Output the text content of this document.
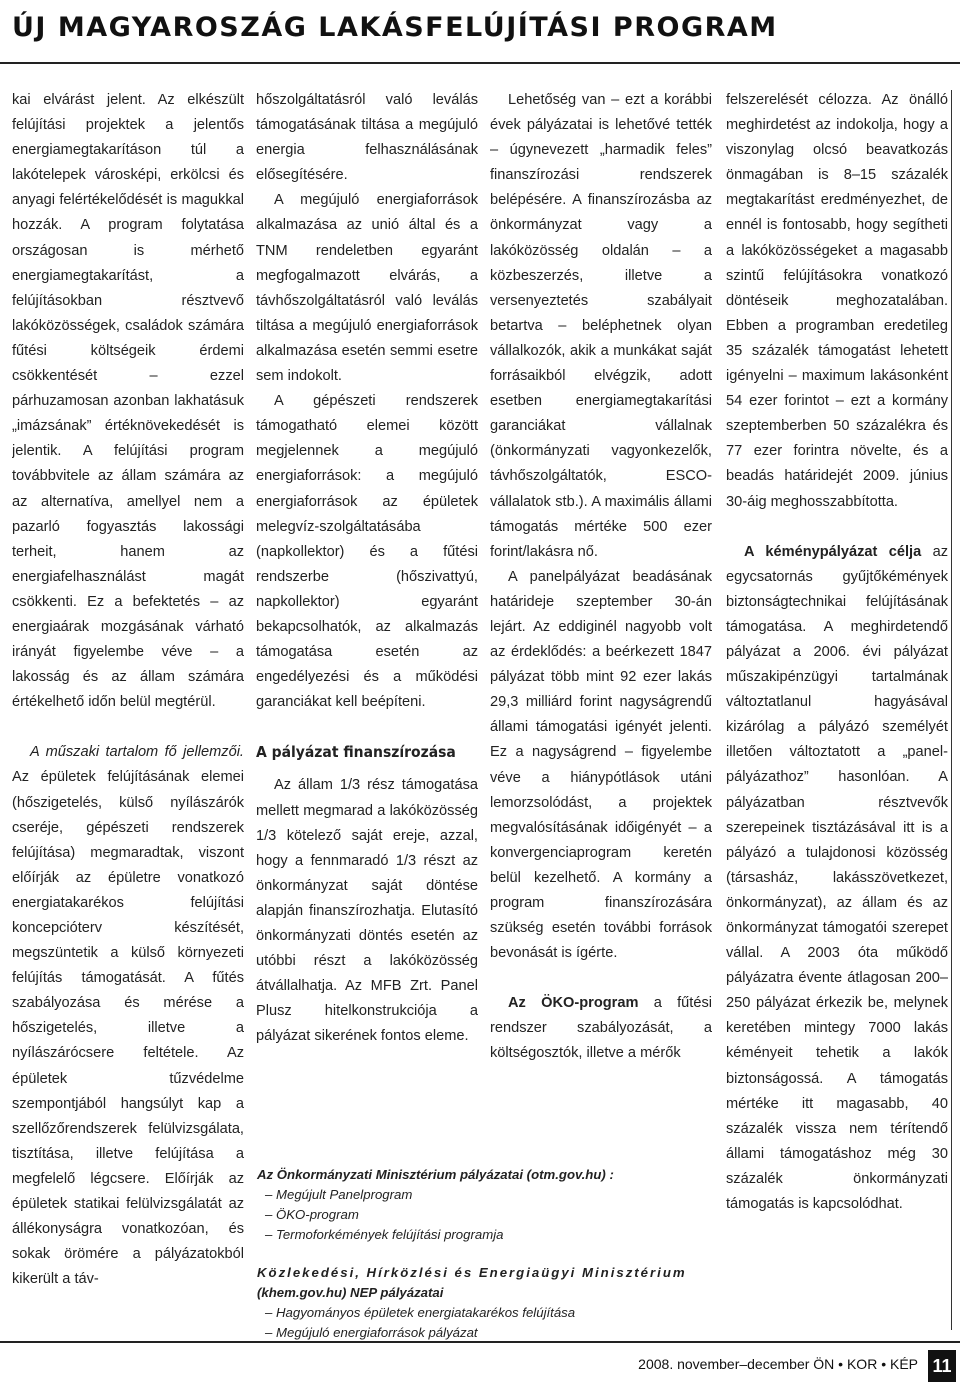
ÚJ MAGYAROSZÁG LAKÁSFELÚJÍTÁSI PROGRAM

kai elvárást jelent. Az elkészült felújítási projektek a jelentős energiamegtakarításon túl a lakótelepek városképi, erkölcsi és anyagi felértékelődését is magukkal hozzák. A program folytatása országosan is mérhető energiamegtakarítást, a felújításokban résztvevő lakóközösségek, családok számára fűtési költségeik érdemi csökkentését – ezzel párhuzamosan azonban lakhatásuk „imázsának” értéknövekedését is jelentik. A felújítási program továbbvitele az állam számára az az alternatíva, amellyel nem a pazarló fogyasztás lakossági terheit, hanem az energiafelhasználást magát csökkenti. Ez a befektetés – az energiaárak mozgásának várható irányát figyelembe véve – a lakosság és az állam számára értékelhető időn belül megtérül.

A műszaki tartalom fő jellemzői. Az épületek felújításának elemei (hőszigetelés, külső nyílászárók cseréje, gépészeti rendszerek felújítása) megmaradtak, viszont előírják az épületre vonatkozó energiatakarékos felújítási koncepcióterv készítését, megszüntetik a külső környezeti felújítás támogatását. A fűtés szabályozása és mérése a hőszigetelés, illetve a nyílászárócsere feltétele. Az épületek tűzvédelme szempontjából hangsúlyt kap a szellőzőrendszerek felülvizsgálata, tisztítása, illetve felújítása a megfelelő légcsere. Előírják az épületek statikai felülvizsgálatát az állékonyságra vonatkozóan, és sokak örömére a pályázatokból kikerült a táv-

hőszolgáltatásról való leválás támogatásának tiltása a megújuló energia felhasználásának elősegítésére.

A megújuló energiaforrások alkalmazása az unió által és a TNM rendeletben egyaránt megfogalmazott elvárás, a távhőszolgáltatásról való leválás tiltása a megújuló energiaforrások alkalmazása esetén semmi esetre sem indokolt.

A gépészeti rendszerek támogatható elemei között megjelennek a megújuló energiaforrások: a megújuló energiaforrások az épületek melegvíz-szolgáltatásába (napkollektor) és a fűtési rendszerbe (hőszivattyú, napkollektor) egyaránt bekapcsolhatók, az alkalmazás támogatása esetén az engedélyezési és a működési garanciákat kell beépíteni.

A pályázat finanszírozása

Az állam 1/3 rész támogatása mellett megmarad a lakóközösség 1/3 kötelező saját ereje, azzal, hogy a fennmaradó 1/3 részt az önkormányzat saját döntése alapján finanszírozhatja. Elutasító önkormányzati döntés esetén az utóbbi részt a lakóközösség átvállalhatja. Az MFB Zrt. Panel Plusz hitelkonstrukciója a pályázat sikerének fontos eleme.

Lehetőség van – ezt a korábbi évek pályázatai is lehetővé tették – úgynevezett „harmadik feles” finanszírozási rendszerek belépésére. A finanszírozásba az önkormányzat vagy a lakóközösség oldalán – a közbeszerzés, illetve a versenyeztetés szabályait betartva – beléphetnek olyan vállalkozók, akik a munkákat saját forrásaikból elvégzik, adott esetben energiamegtakarítási garanciákat vállalnak (önkormányzati vagyonkezelők, távhőszolgáltatók, ESCO-vállalatok stb.). A maximális állami támogatás mértéke 500 ezer forint/lakásra nő.

A panelpályázat beadásának határideje szeptember 30-án lejárt. Az eddiginél nagyobb volt az érdeklődés: a beérkezett 1847 pályázat több mint 92 ezer lakás 29,3 milliárd forint nagyságrendű állami támogatási igényét jelenti. Ez a nagyságrend – figyelembe véve a hiánypótlások utáni lemorzsolódást, a projektek megvalósításának időigényét – a konvergenciaprogram keretén belül kezelhető. A kormány a program finanszírozására szükség esetén további források bevonását is ígérte.

Az ÖKO-program a fűtési rendszer szabályozását, a költségosztók, illetve a mérők

felszerelését célozza. Az önálló meghirdetést az indokolja, hogy a viszonylag olcsó beavatkozás önmagában is 8–15 százalék megtakarítást eredményezhet, de ennél is fontosabb, hogy segítheti a lakóközösségeket a magasabb szintű felújításokra vonatkozó döntéseik meghozatalában. Ebben a programban eredetileg 35 százalék támogatást lehetett igényelni – maximum lakásonként 54 ezer forintot – ezt a kormány szeptemberben 50 százalékra és 77 ezer forintra növelte, és a beadás határidejét 2009. június 30-áig meghosszabbította.

A kéménypályázat célja az egycsatornás gyűjtőkémények biztonságtechnikai felújításának támogatása. A meghirdetendő pályázat a 2006. évi pályázat műszakipénzügyi tartalmának változtatlanul hagyásával kizárólag a pályázó személyét illetően változtatott a „panel-pályázathoz” hasonlóan. A pályázatban résztvevők szerepeinek tisztázásával itt is a pályázó a tulajdonosi közösség (társasház, lakásszövetkezet, önkormányzat), az állam és az önkormányzat támogatói szerepet vállal. A 2003 óta működő pályázatra évente átlagosan 200–250 pályázat érkezik be, melynek keretében mintegy 7000 lakás kéményeit tehetik a lakók biztonságossá. A támogatás mértéke itt magasabb, 40 százalék vissza nem térítendő állami támogatáshoz még 30 százalék önkormányzati támogatás is kapcsolódhat.

Az Önkormányzati Minisztérium pályázatai (otm.gov.hu) :
– Megújult Panelprogram
– ÖKO-program
– Termoforkémények felújítási programja
Közlekedési, Hírközlési és Energiaügyi Minisztérium
(khem.gov.hu) NEP pályázatai
– Hagyományos épületek energiatakarékos felújítása
– Megújuló energiaforrások pályázat
2008. november–december ÖN • KOR • KÉP 11
